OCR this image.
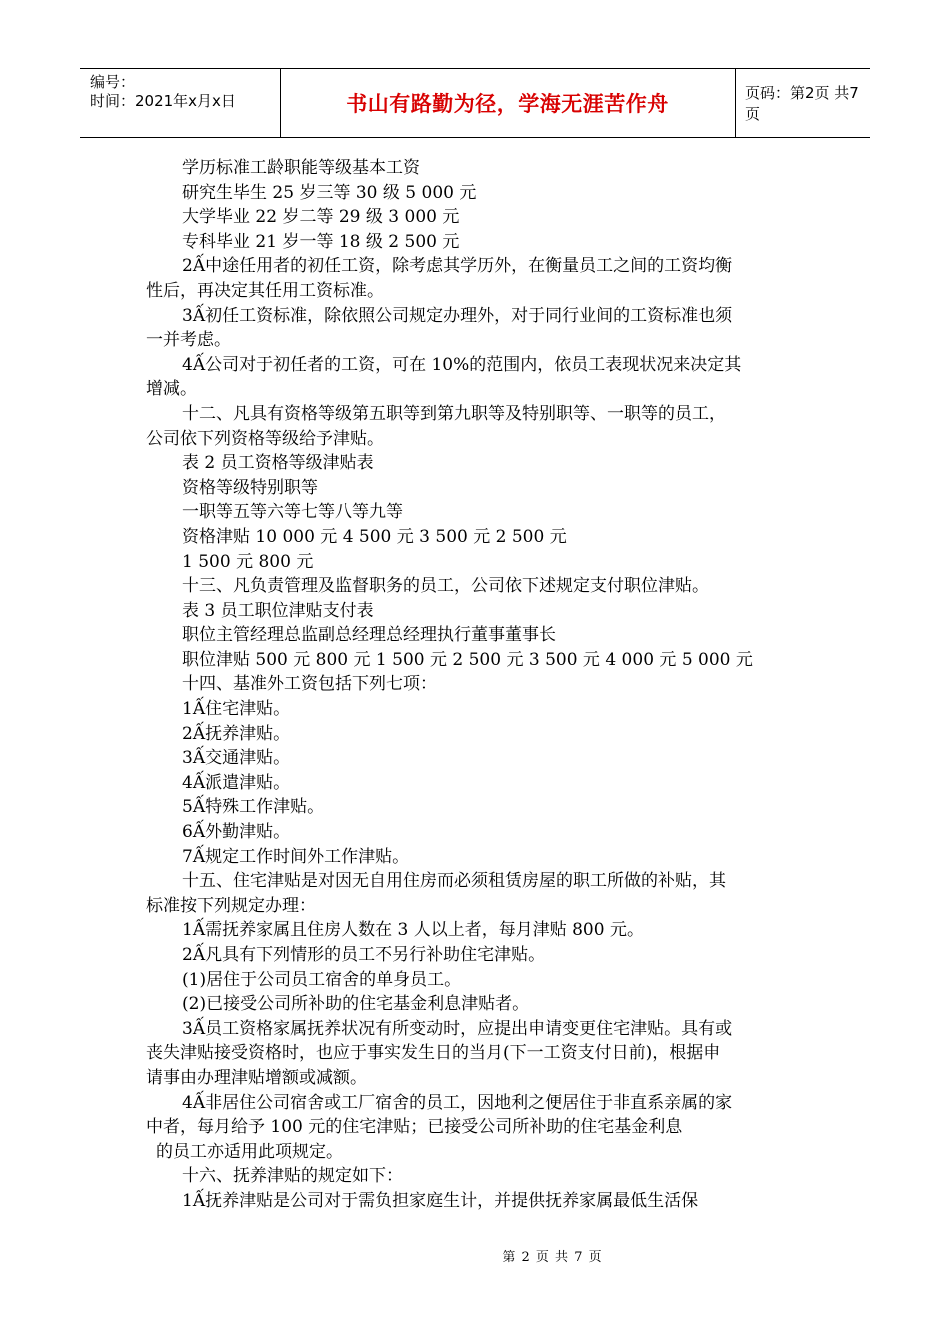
编号：
时间：2021年x月x日	书山有路勤为径，学海无涯苦作舟	页码：第2页 共7页
学历标准工龄职能等级基本工资
研究生毕生 25 岁三等 30 级 5 000 元
大学毕业 22 岁二等 29 级 3 000 元
专科毕业 21 岁一等 18 级 2 500 元
2Ấ中途任用者的初任工资，除考虑其学历外，在衡量员工之间的工资均衡
性后，再决定其任用工资标准。
3Ấ初任工资标准，除依照公司规定办理外，对于同行业间的工资标准也须
一并考虑。
4Ấ公司对于初任者的工资，可在 10%的范围内，依员工表现状况来决定其
增减。
十二、凡具有资格等级第五职等到第九职等及特别职等、一职等的员工，
公司依下列资格等级给予津贴。
表 2 员工资格等级津贴表
资格等级特别职等
一职等五等六等七等八等九等
资格津贴 10 000 元 4 500 元 3 500 元 2 500 元
1 500 元 800 元
十三、凡负责管理及监督职务的员工，公司依下述规定支付职位津贴。
表 3 员工职位津贴支付表
职位主管经理总监副总经理总经理执行董事董事长
职位津贴 500 元 800 元 1 500 元 2 500 元 3 500 元 4 000 元 5 000 元
十四、基准外工资包括下列七项：
1Ấ住宅津贴。
2Ấ抚养津贴。
3Ấ交通津贴。
4Ấ派遣津贴。
5Ấ特殊工作津贴。
6Ấ外勤津贴。
7Ấ规定工作时间外工作津贴。
十五、住宅津贴是对因无自用住房而必须租赁房屋的职工所做的补贴，其
标准按下列规定办理：
1Ấ需抚养家属且住房人数在 3 人以上者，每月津贴 800 元。
2Ấ凡具有下列情形的员工不另行补助住宅津贴。
(1)居住于公司员工宿舍的单身员工。
(2)已接受公司所补助的住宅基金利息津贴者。
3Ấ员工资格家属抚养状况有所变动时，应提出申请变更住宅津贴。具有或
丧失津贴接受资格时，也应于事实发生日的当月(下一工资支付日前)，根据申
请事由办理津贴增额或减额。
4Ấ非居住公司宿舍或工厂宿舍的员工，因地利之便居住于非直系亲属的家
中者，每月给予 100 元的住宅津贴；已接受公司所补助的住宅基金利息
的员工亦适用此项规定。
十六、抚养津贴的规定如下：
1Ấ抚养津贴是公司对于需负担家庭生计，并提供抚养家属最低生活保
第 2 页 共 7 页
